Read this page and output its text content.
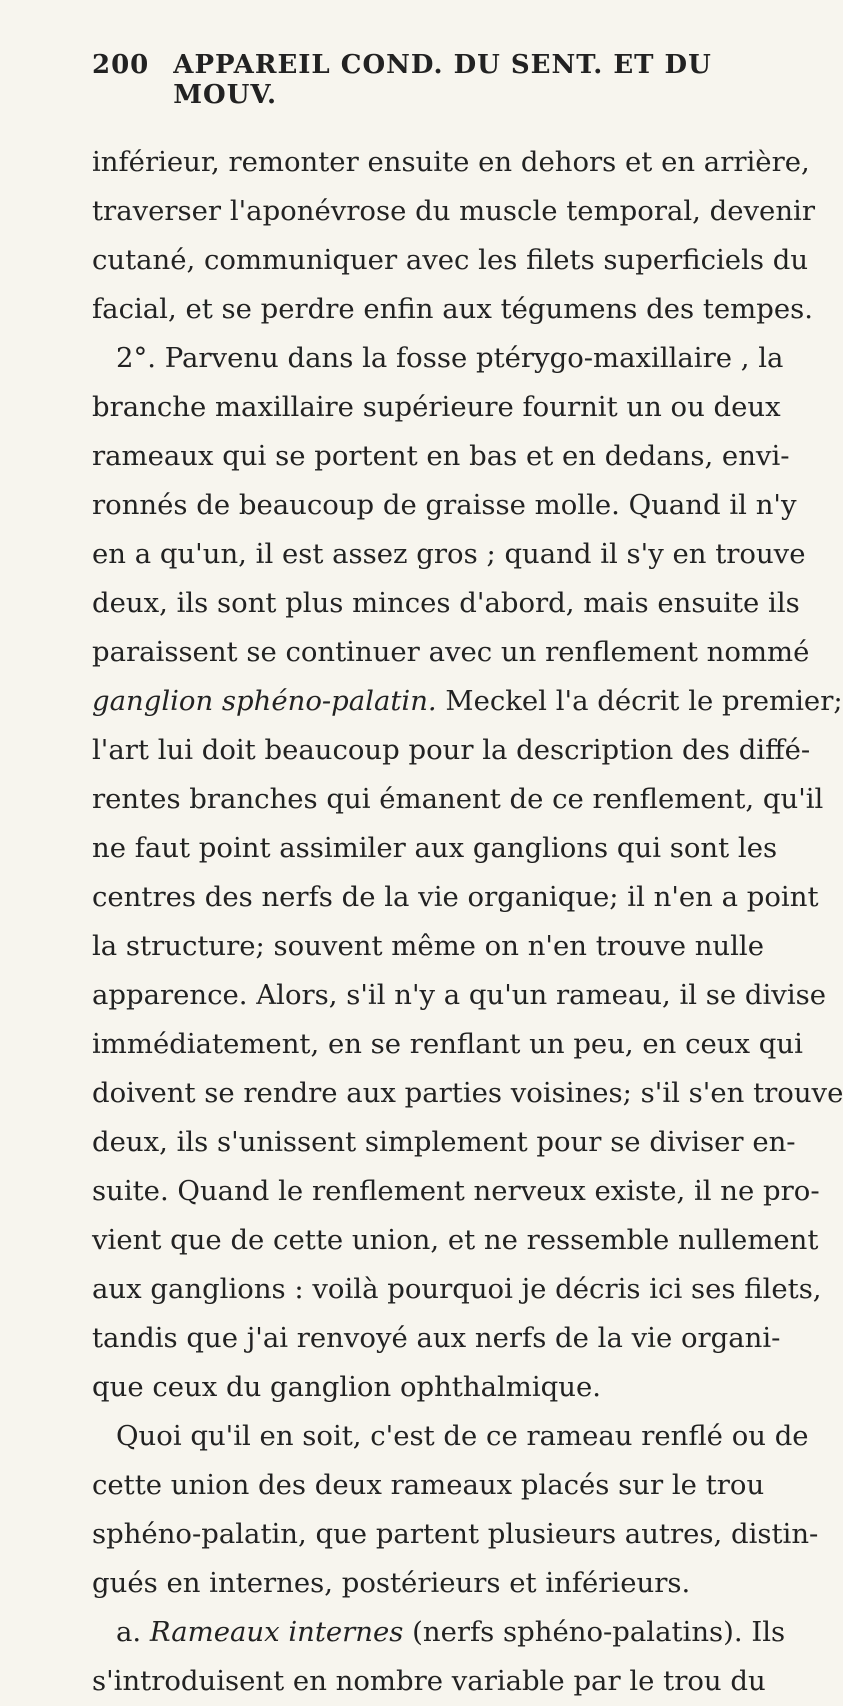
200 APPAREIL COND. DU SENT. ET DU MOUV.
inférieur, remonter ensuite en dehors et en arrière,
traverser l'aponévrose du muscle temporal, devenir
cutané, communiquer avec les filets superficiels du
facial, et se perdre enfin aux tégumens des tempes.
2°. Parvenu dans la fosse ptérygo-maxillaire , la
branche maxillaire supérieure fournit un ou deux
rameaux qui se portent en bas et en dedans, envi-
ronnés de beaucoup de graisse molle. Quand il n'y
en a qu'un, il est assez gros ; quand il s'y en trouve
deux, ils sont plus minces d'abord, mais ensuite ils
paraissent se continuer avec un renflement nommé
ganglion sphéno-palatin. Meckel l'a décrit le premier;
l'art lui doit beaucoup pour la description des diffé-
rentes branches qui émanent de ce renflement, qu'il
ne faut point assimiler aux ganglions qui sont les
centres des nerfs de la vie organique; il n'en a point
la structure; souvent même on n'en trouve nulle
apparence. Alors, s'il n'y a qu'un rameau, il se divise
immédiatement, en se renflant un peu, en ceux qui
doivent se rendre aux parties voisines; s'il s'en trouve
deux, ils s'unissent simplement pour se diviser en-
suite. Quand le renflement nerveux existe, il ne pro-
vient que de cette union, et ne ressemble nullement
aux ganglions : voilà pourquoi je décris ici ses filets,
tandis que j'ai renvoyé aux nerfs de la vie organi-
que ceux du ganglion ophthalmique.
Quoi qu'il en soit, c'est de ce rameau renflé ou de
cette union des deux rameaux placés sur le trou
sphéno-palatin, que partent plusieurs autres, distin-
gués en internes, postérieurs et inférieurs.
a. Rameaux internes (nerfs sphéno-palatins). Ils
s'introduisent en nombre variable par le trou du
